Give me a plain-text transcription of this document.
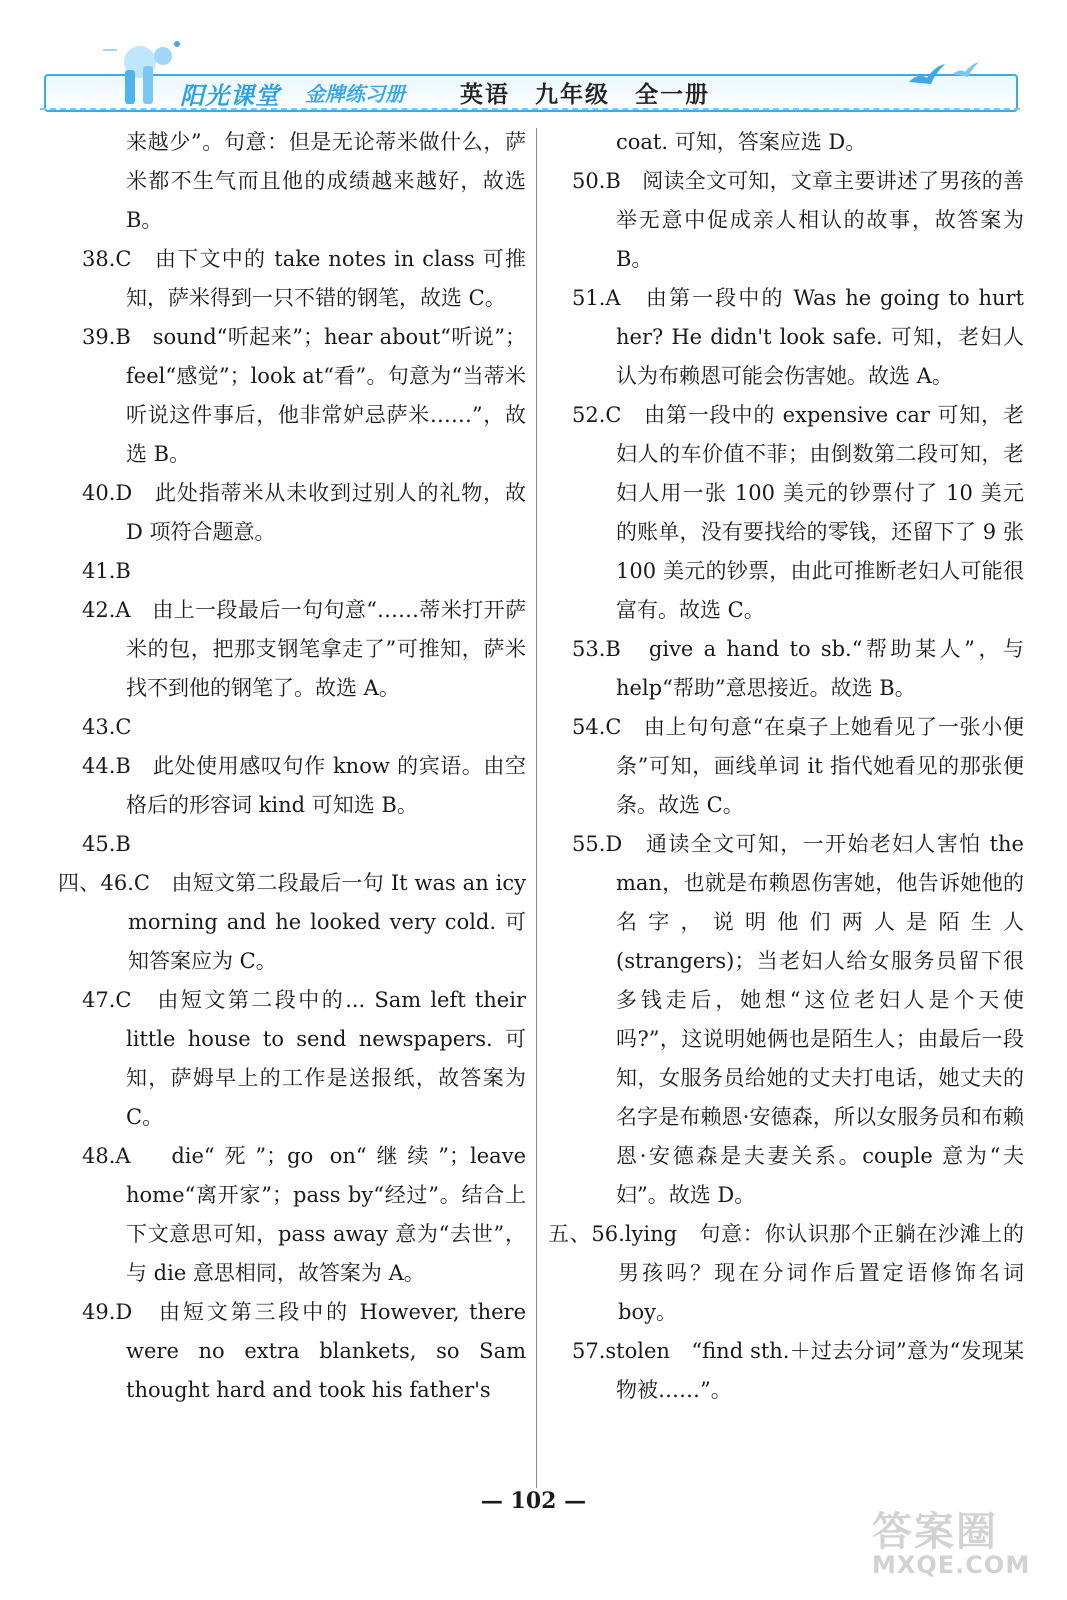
阳光课堂 金牌练习册 英语　九年级　全一册

来越少”。句意：但是无论蒂米做什么，萨米都不生气而且他的成绩越来越好，故选 B。

38.C　由下文中的 take notes in class 可推知，萨米得到一只不错的钢笔，故选 C。

39.B　sound“听起来”；hear about“听说”；feel“感觉”；look at“看”。句意为“当蒂米听说这件事后，他非常妒忌萨米……”，故选 B。

40.D　此处指蒂米从未收到过别人的礼物，故 D 项符合题意。

41.B

42.A　由上一段最后一句句意“……蒂米打开萨米的包，把那支钢笔拿走了”可推知，萨米找不到他的钢笔了。故选 A。

43.C

44.B　此处使用感叹句作 know 的宾语。由空格后的形容词 kind 可知选 B。

45.B

四、46.C　由短文第二段最后一句 It was an icy morning and he looked very cold. 可知答案应为 C。

47.C　由短文第二段中的... Sam left their little house to send newspapers. 可知，萨姆早上的工作是送报纸，故答案为 C。

48.A　die“死”；go on“继续”；leave home“离开家”；pass by“经过”。结合上下文意思可知，pass away 意为“去世”，与 die 意思相同，故答案为 A。

49.D　由短文第三段中的 However, there were no extra blankets, so Sam thought hard and took his father's

coat. 可知，答案应选 D。

50.B　阅读全文可知，文章主要讲述了男孩的善举无意中促成亲人相认的故事，故答案为 B。

51.A　由第一段中的 Was he going to hurt her? He didn't look safe. 可知，老妇人认为布赖恩可能会伤害她。故选 A。

52.C　由第一段中的 expensive car 可知，老妇人的车价值不菲；由倒数第二段可知，老妇人用一张 100 美元的钞票付了 10 美元的账单，没有要找给的零钱，还留下了 9 张 100 美元的钞票，由此可推断老妇人可能很富有。故选 C。

53.B　give a hand to sb.“帮助某人”，与 help“帮助”意思接近。故选 B。

54.C　由上句句意“在桌子上她看见了一张小便条”可知，画线单词 it 指代她看见的那张便条。故选 C。

55.D　通读全文可知，一开始老妇人害怕 the man，也就是布赖恩伤害她，他告诉她他的名字，说明他们两人是陌生人(strangers)；当老妇人给女服务员留下很多钱走后，她想“这位老妇人是个天使吗?”，这说明她俩也是陌生人；由最后一段知，女服务员给她的丈夫打电话，她丈夫的名字是布赖恩·安德森，所以女服务员和布赖恩·安德森是夫妻关系。couple 意为“夫妇”。故选 D。

五、56.lying　句意：你认识那个正躺在沙滩上的男孩吗？现在分词作后置定语修饰名词 boy。

57.stolen　“find sth.＋过去分词”意为“发现某物被……”。

— 102 —
答案圈
MXQE.COM
